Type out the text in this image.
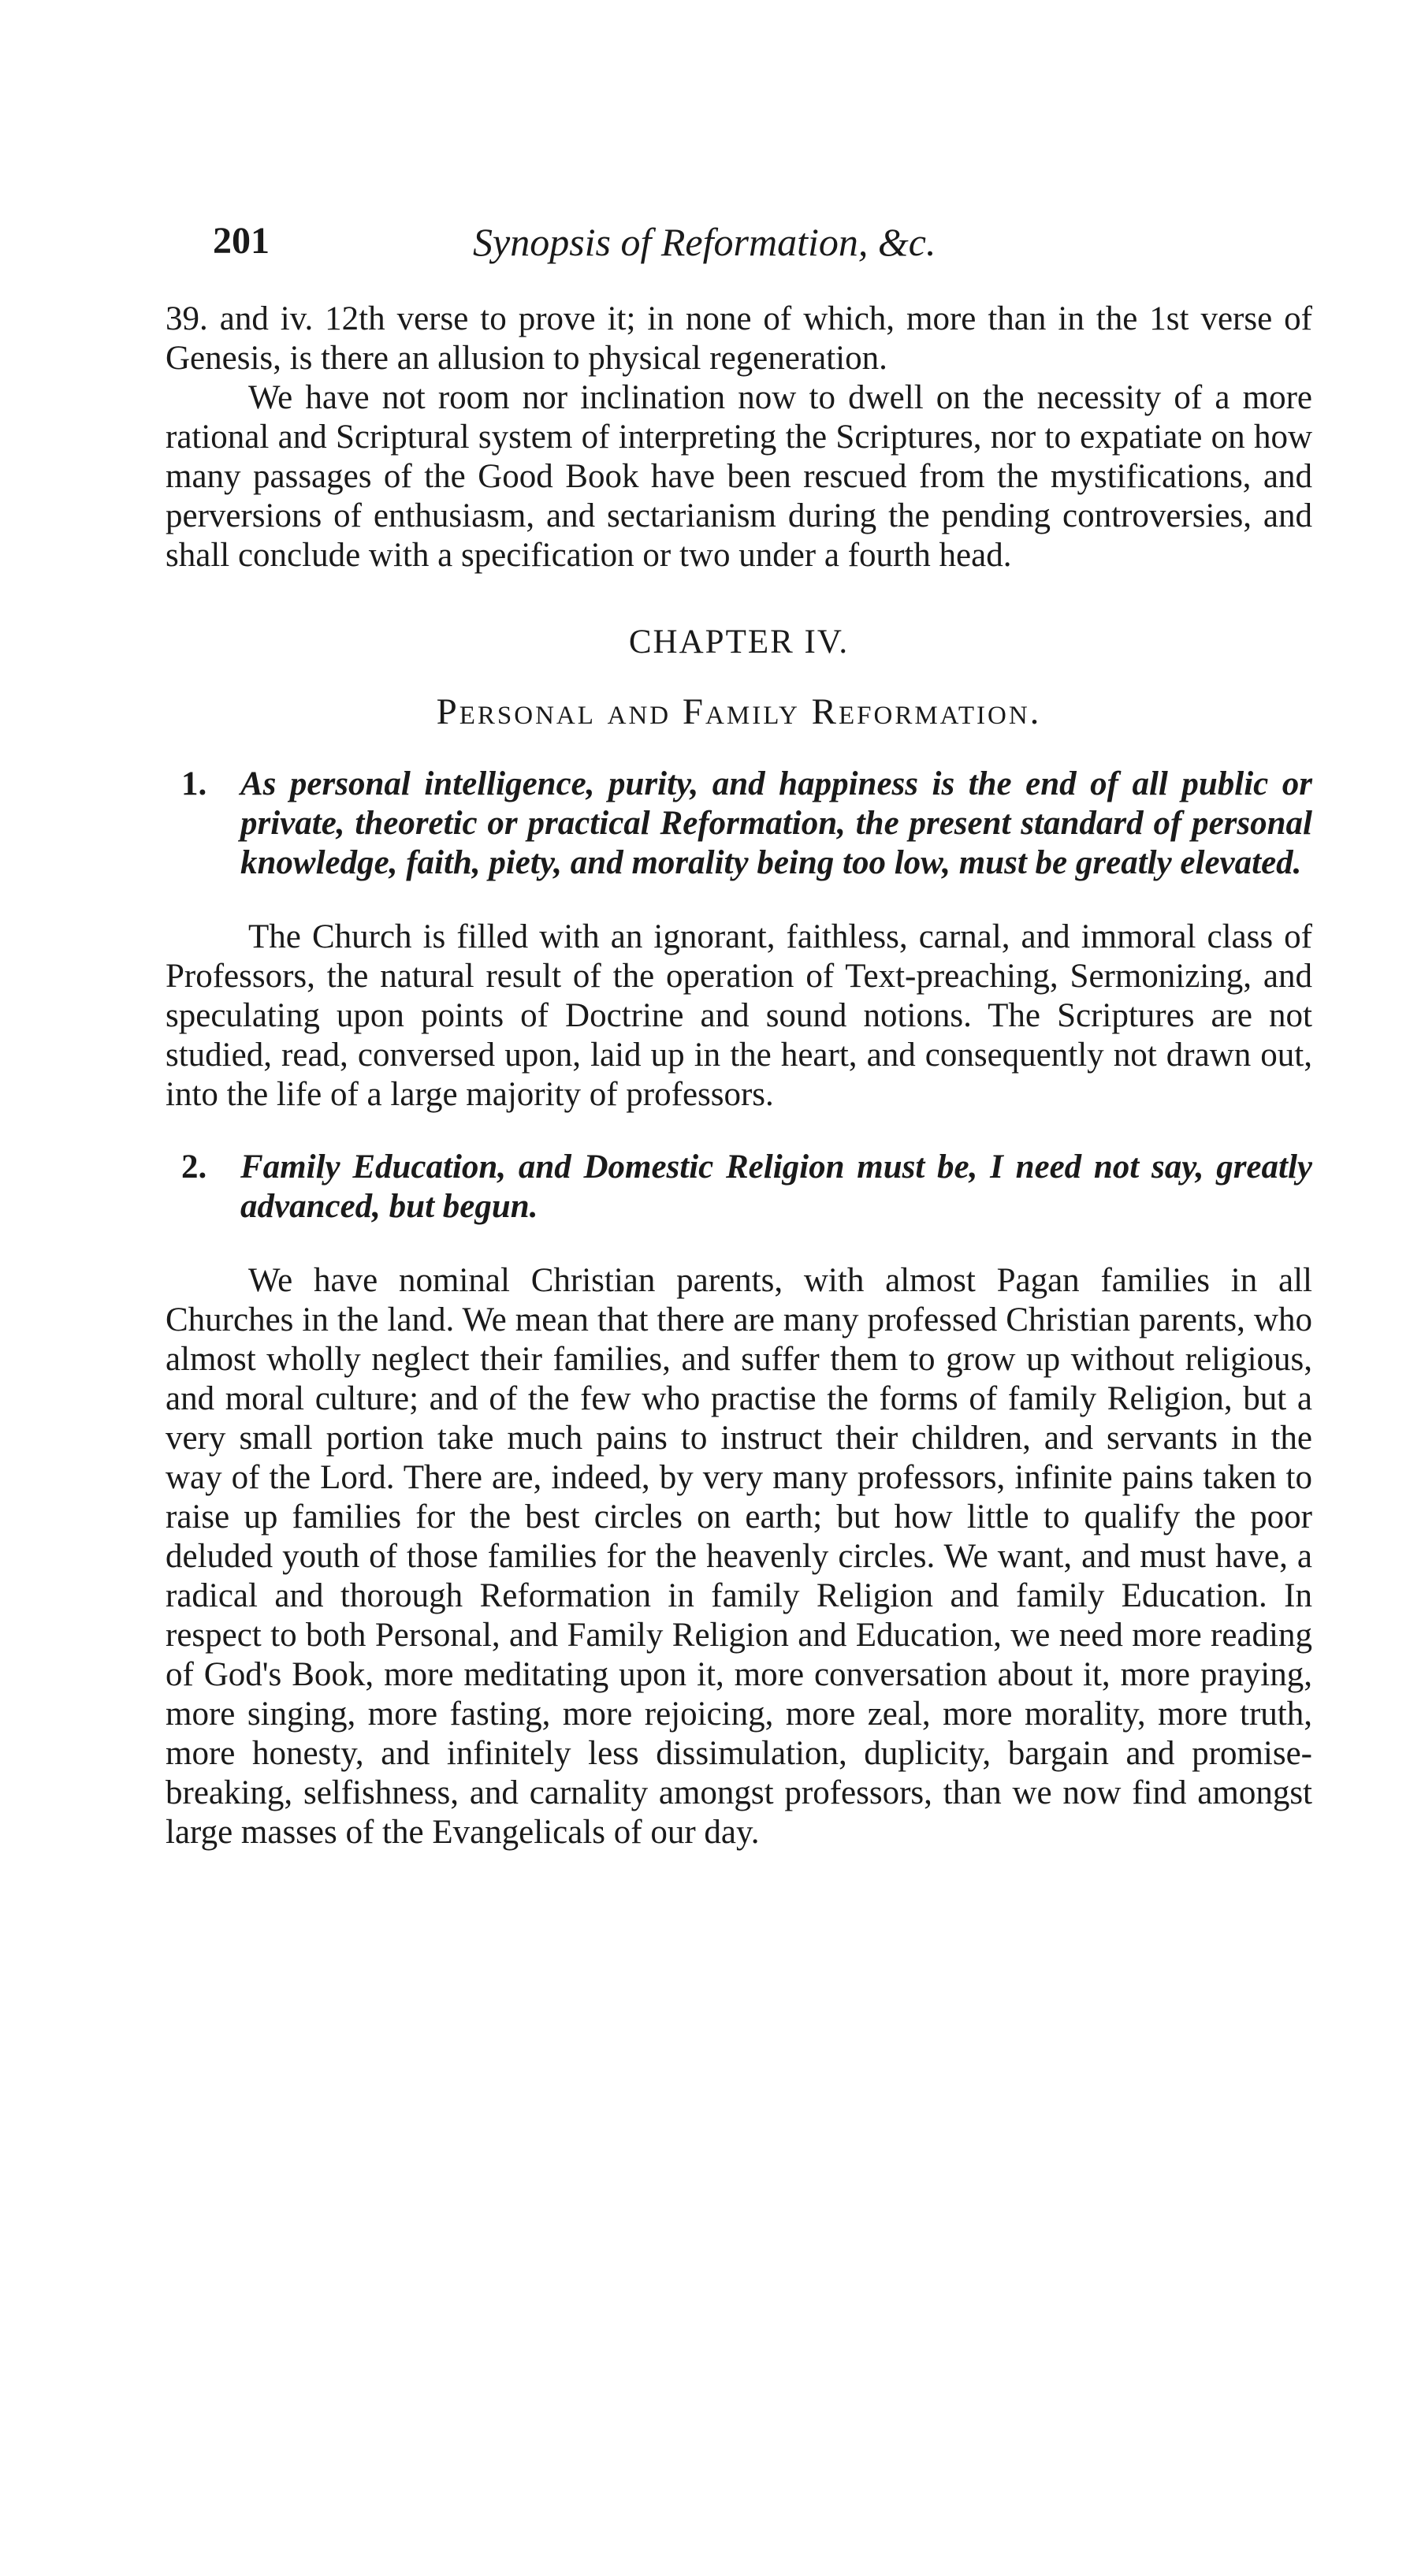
201	Synopsis of Reformation, &c.

39. and iv. 12th verse to prove it; in none of which, more than in the 1st verse of Genesis, is there an allusion to physical regeneration.

We have not room nor inclination now to dwell on the necessity of a more rational and Scriptural system of interpreting the Scriptures, nor to expatiate on how many passages of the Good Book have been rescued from the mystifications, and perversions of enthusiasm, and sectarianism during the pending controversies, and shall conclude with a specification or two under a fourth head.

CHAPTER IV.
Personal and Family Reformation.
1. As personal intelligence, purity, and happiness is the end of all public or private, theoretic or practical Reformation, the present standard of personal knowledge, faith, piety, and morality being too low, must be greatly elevated.

The Church is filled with an ignorant, faithless, carnal, and immoral class of Professors, the natural result of the operation of Text-preaching, Sermonizing, and speculating upon points of Doctrine and sound notions. The Scriptures are not studied, read, conversed upon, laid up in the heart, and consequently not drawn out, into the life of a large majority of professors.

2. Family Education, and Domestic Religion must be, I need not say, greatly advanced, but begun.

We have nominal Christian parents, with almost Pagan families in all Churches in the land. We mean that there are many professed Christian parents, who almost wholly neglect their families, and suffer them to grow up without religious, and moral culture; and of the few who practise the forms of family Religion, but a very small portion take much pains to instruct their children, and servants in the way of the Lord. There are, indeed, by very many professors, infinite pains taken to raise up families for the best circles on earth; but how little to qualify the poor deluded youth of those families for the heavenly circles. We want, and must have, a radical and thorough Reformation in family Religion and family Education. In respect to both Personal, and Family Religion and Education, we need more reading of God's Book, more meditating upon it, more conversation about it, more praying, more singing, more fasting, more rejoicing, more zeal, more morality, more truth, more honesty, and infinitely less dissimulation, duplicity, bargain and promise-breaking, selfishness, and carnality amongst professors, than we now find amongst large masses of the Evangelicals of our day.
